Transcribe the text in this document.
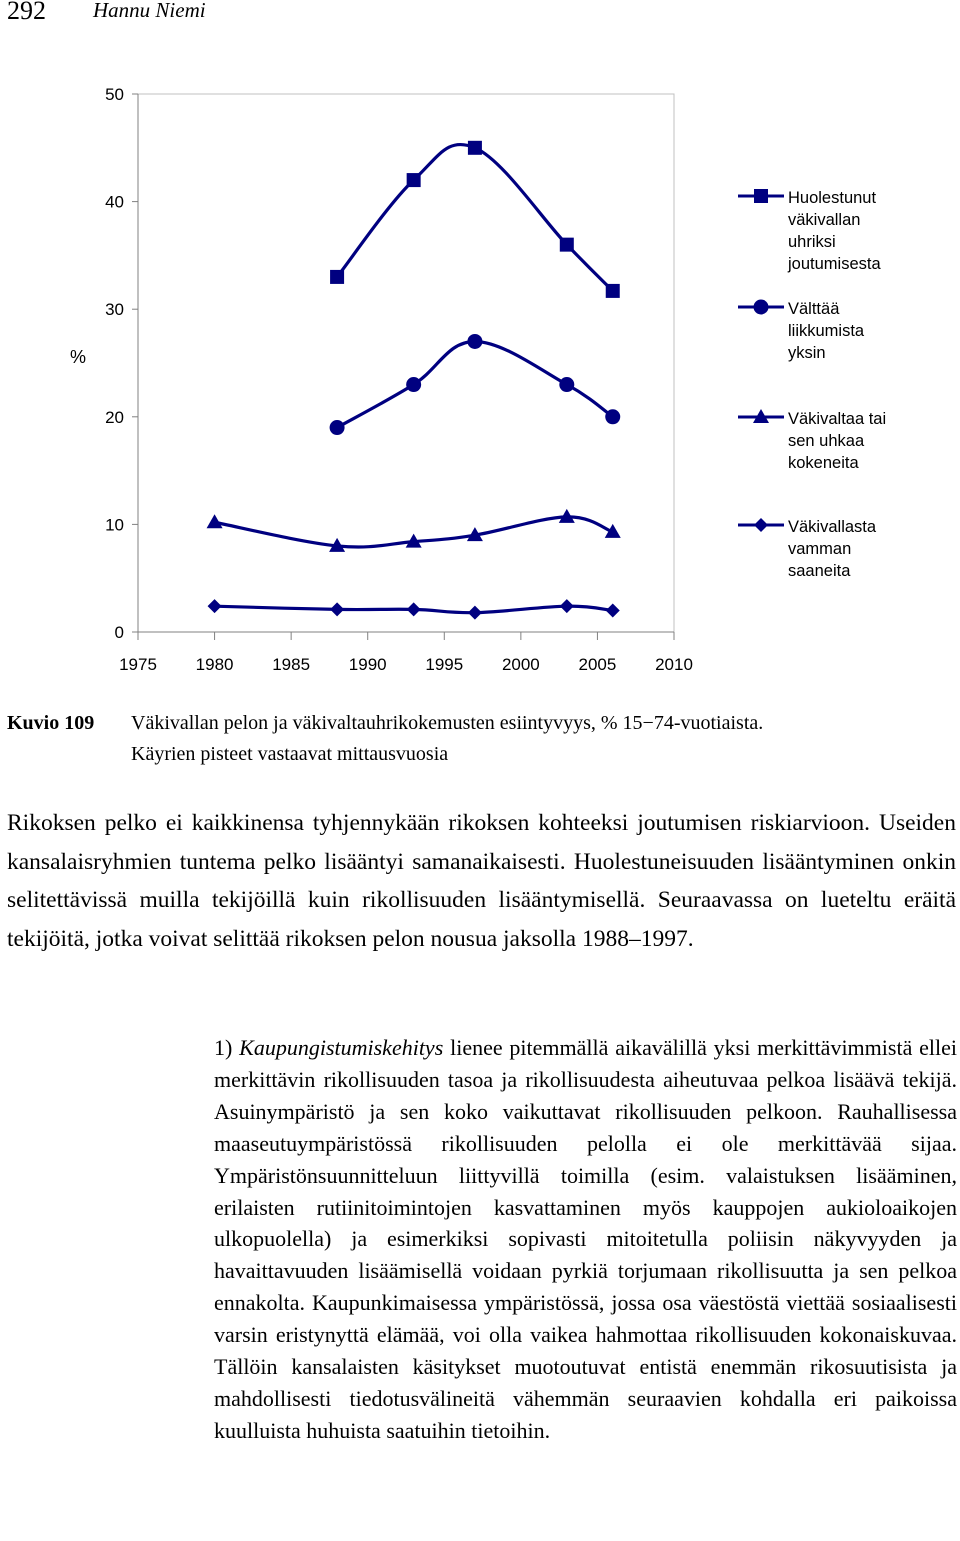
292 Hannu Niemi
0
10
20
30
40
50
1975 1980 1985 1990 1995 2000 2005 2010
%
Huolestunut
väkivallan
uhriksi
joutumisesta
Välttää
liikkumista
yksin
Väkivaltaa tai
sen uhkaa
kokeneita
Väkivallasta
vamman
saaneita
Kuvio 109 Väkivallan pelon ja väkivaltauhrikokemusten esiintyvyys, % 15−74-vuotiaista.
Käyrien pisteet vastaavat mittausvuosia

Rikoksen pelko ei kaikkinensa tyhjennykään rikoksen kohteeksi joutumisen riskiarvioon. Useiden kansalaisryhmien tuntema pelko lisääntyi samanaikaisesti. Huolestuneisuuden lisääntyminen onkin selitettävissä muilla tekijöillä kuin rikollisuuden lisääntymisellä. Seuraavassa on lueteltu eräitä tekijöitä, jotka voivat selittää rikoksen pelon nousua jaksolla 1988–1997.

1) Kaupungistumiskehitys lienee pitemmällä aikavälillä yksi merkittävimmistä ellei merkittävin rikollisuuden tasoa ja rikollisuudesta aiheutuvaa pelkoa lisäävä tekijä. Asuinympäristö ja sen koko vaikuttavat rikollisuuden pelkoon. Rauhallisessa maaseutuympäristössä rikollisuuden pelolla ei ole merkittävää sijaa. Ympäristönsuunnitteluun liittyvillä toimilla (esim. valaistuksen lisääminen, erilaisten rutiinitoimintojen kasvattaminen myös kauppojen aukioloaikojen ulkopuolella) ja esimerkiksi sopivasti mitoitetulla poliisin näkyvyyden ja havaittavuuden lisäämisellä voidaan pyrkiä torjumaan rikollisuutta ja sen pelkoa ennakolta. Kaupunkimaisessa ympäristössä, jossa osa väestöstä viettää sosiaalisesti varsin eristynyttä elämää, voi olla vaikea hahmottaa rikollisuuden kokonaiskuvaa. Tällöin kansalaisten käsitykset muotoutuvat entistä enemmän rikosuutisista ja mahdollisesti tiedotusvälineitä vähemmän seuraavien kohdalla eri paikoissa kuulluista huhuista saatuihin tietoihin.
